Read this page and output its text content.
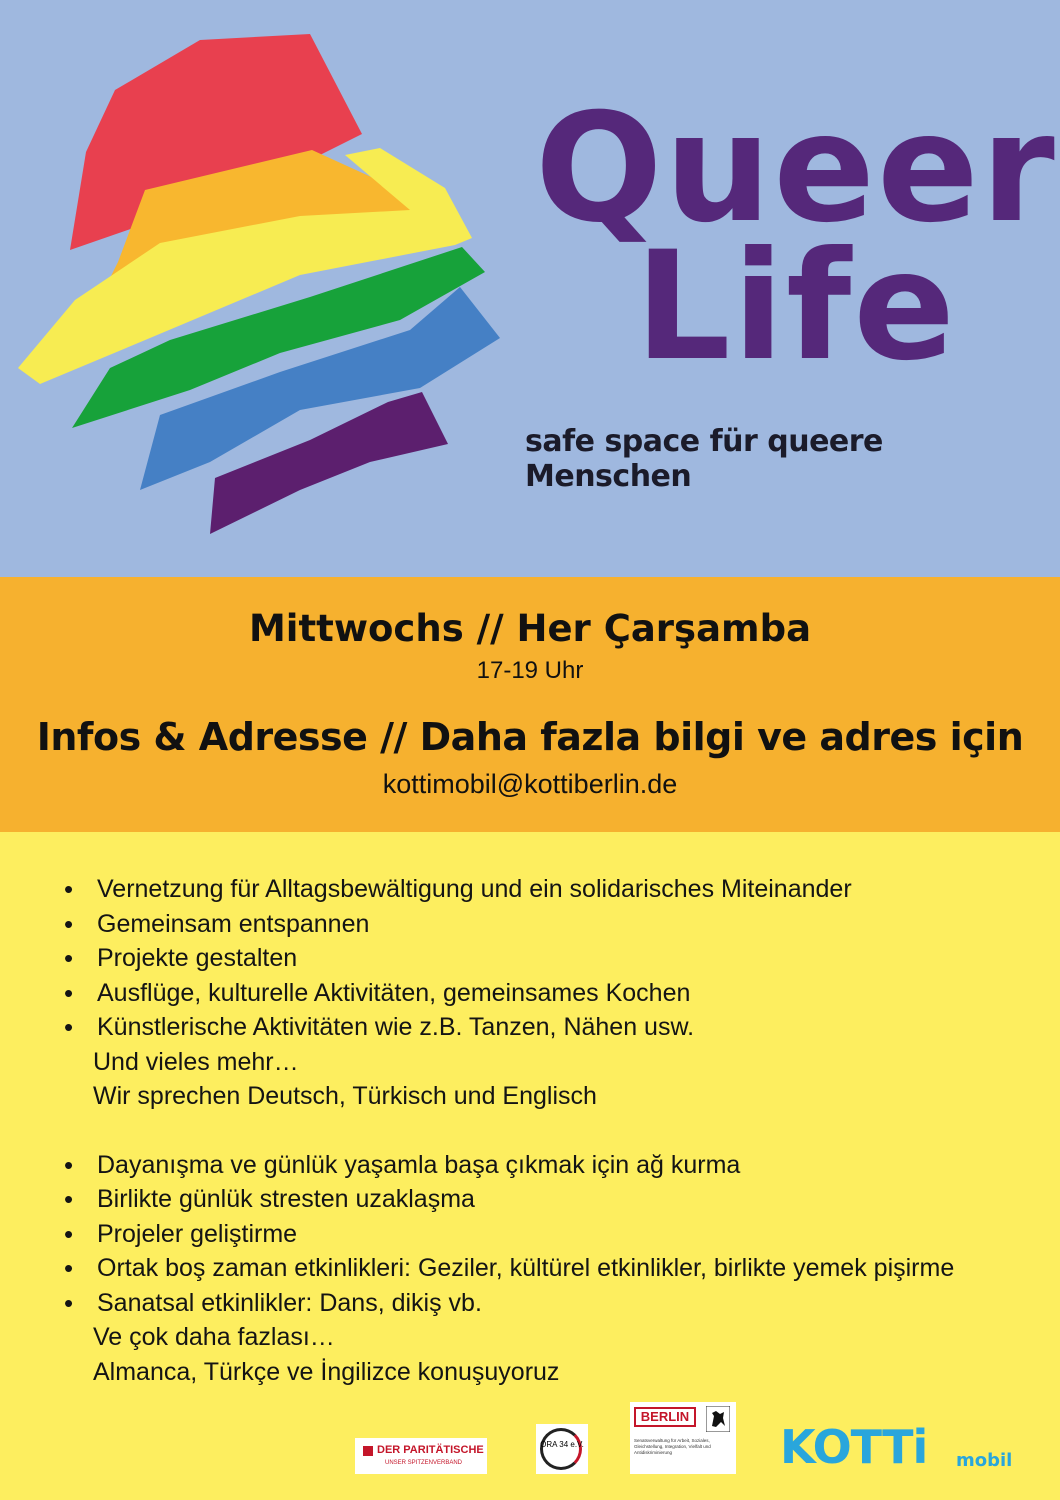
Queer
Life
safe space für queere Menschen
Mittwochs // Her Çarşamba
17-19 Uhr
Infos & Adresse // Daha fazla bilgi ve adres için
kottimobil@kottiberlin.de
• Vernetzung für Alltagsbewältigung und ein solidarisches Miteinander
• Gemeinsam entspannen
• Projekte gestalten
• Ausflüge, kulturelle Aktivitäten, gemeinsames Kochen
• Künstlerische Aktivitäten wie z.B. Tanzen, Nähen usw.
Und vieles mehr…
Wir sprechen Deutsch, Türkisch und Englisch
• Dayanışma ve günlük yaşamla başa çıkmak için ağ kurma
• Birlikte günlük stresten uzaklaşma
• Projeler geliştirme
• Ortak boş zaman etkinlikleri: Geziler, kültürel etkinlikler, birlikte yemek pişirme
• Sanatsal etkinlikler: Dans, dikiş vb.
Ve çok daha fazlası…
Almanca, Türkçe ve İngilizce konuşuyoruz
DER PARITÄTISCHE
UNSER SPITZENVERBAND
ORA 34 e.V.
BERLIN
Senatsverwaltung für Arbeit, Soziales, Gleichstellung, Integration, Vielfalt und Antidiskriminierung	KOTTi mobil
